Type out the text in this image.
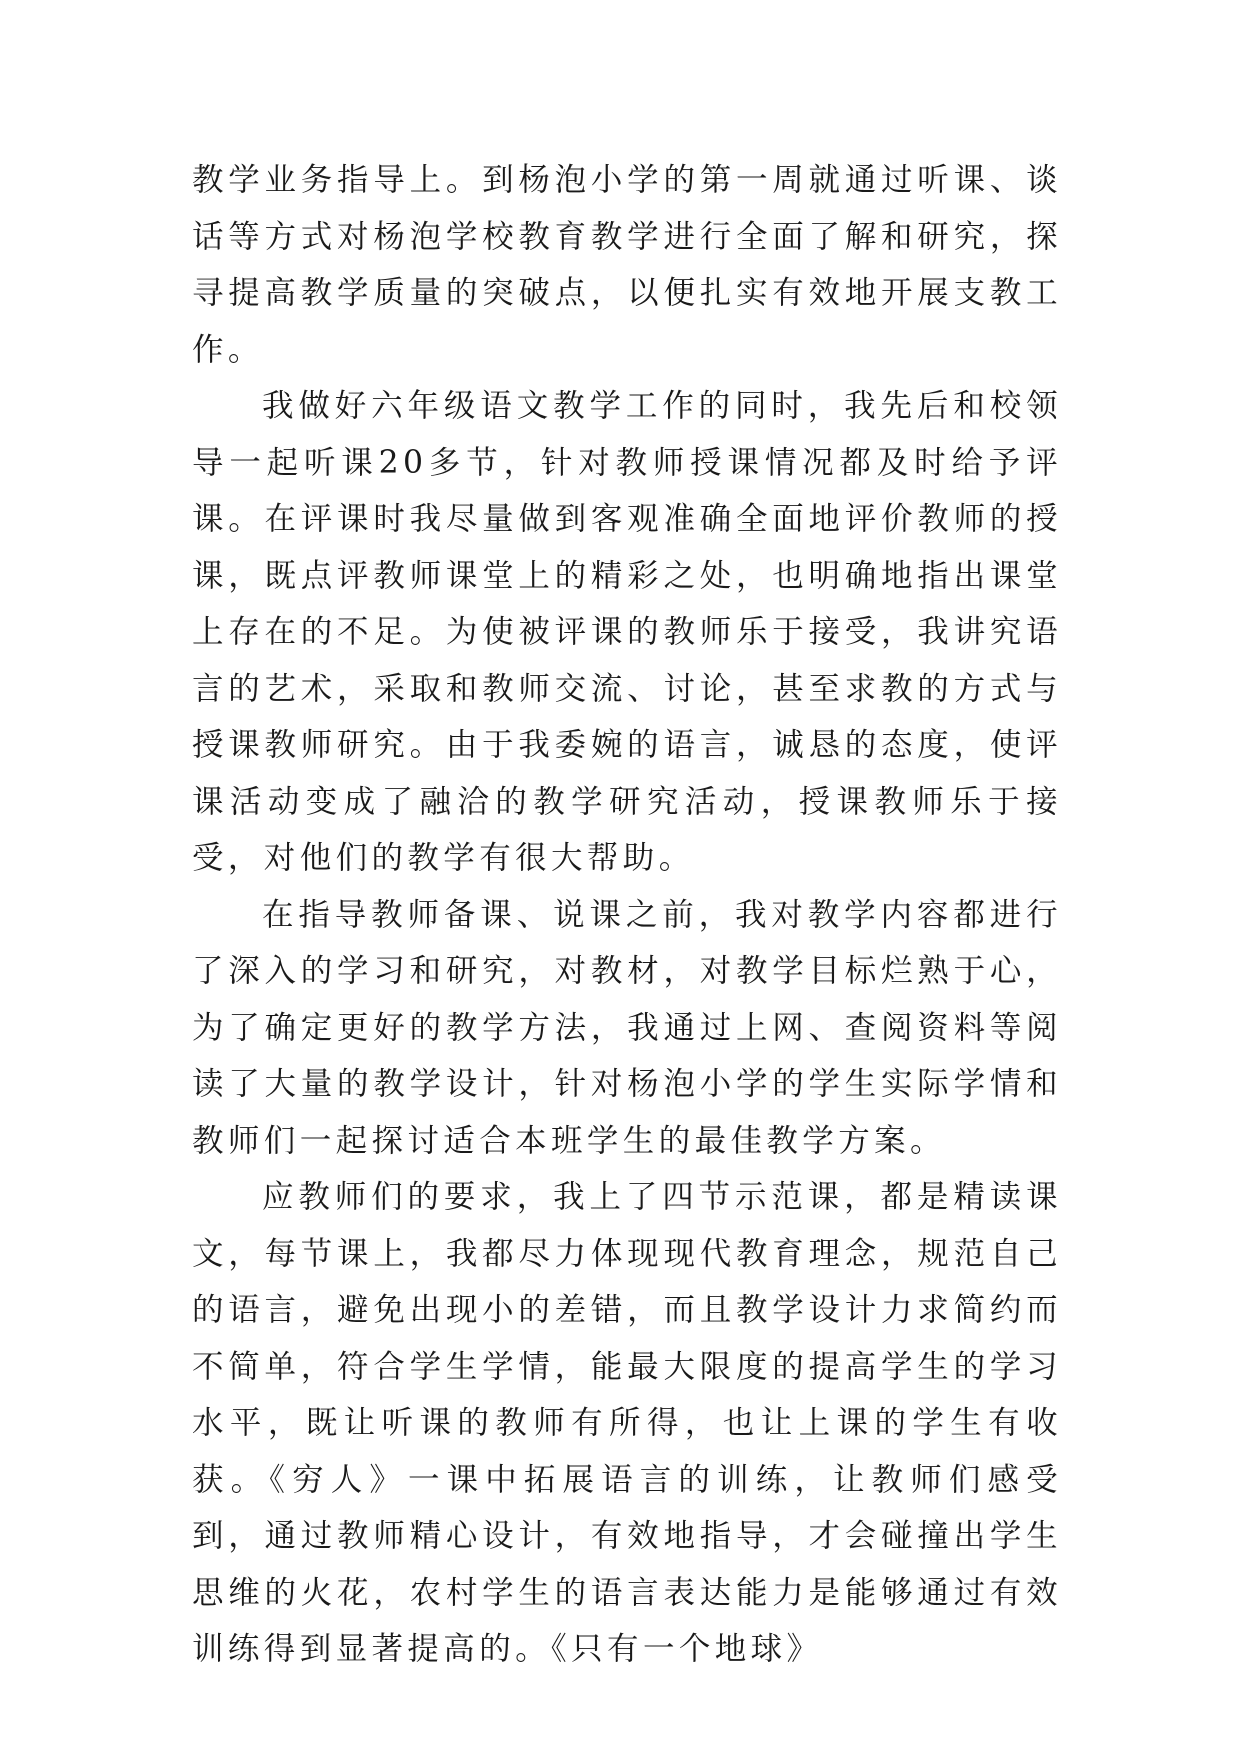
教学业务指导上。到杨泡小学的第一周就通过听课、谈话等方式对杨泡学校教育教学进行全面了解和研究，探寻提高教学质量的突破点，以便扎实有效地开展支教工作。

我做好六年级语文教学工作的同时，我先后和校领导一起听课20多节，针对教师授课情况都及时给予评课。在评课时我尽量做到客观准确全面地评价教师的授课，既点评教师课堂上的精彩之处，也明确地指出课堂上存在的不足。为使被评课的教师乐于接受，我讲究语言的艺术，采取和教师交流、讨论，甚至求教的方式与授课教师研究。由于我委婉的语言，诚恳的态度，使评课活动变成了融洽的教学研究活动，授课教师乐于接受，对他们的教学有很大帮助。

在指导教师备课、说课之前，我对教学内容都进行了深入的学习和研究，对教材，对教学目标烂熟于心，为了确定更好的教学方法，我通过上网、查阅资料等阅读了大量的教学设计，针对杨泡小学的学生实际学情和教师们一起探讨适合本班学生的最佳教学方案。

应教师们的要求，我上了四节示范课，都是精读课文，每节课上，我都尽力体现现代教育理念，规范自己的语言，避免出现小的差错，而且教学设计力求简约而不简单，符合学生学情，能最大限度的提高学生的学习水平，既让听课的教师有所得，也让上课的学生有收获。《穷人》一课中拓展语言的训练，让教师们感受到，通过教师精心设计，有效地指导，才会碰撞出学生思维的火花，农村学生的语言表达能力是能够通过有效训练得到显著提高的。《只有一个地球》
